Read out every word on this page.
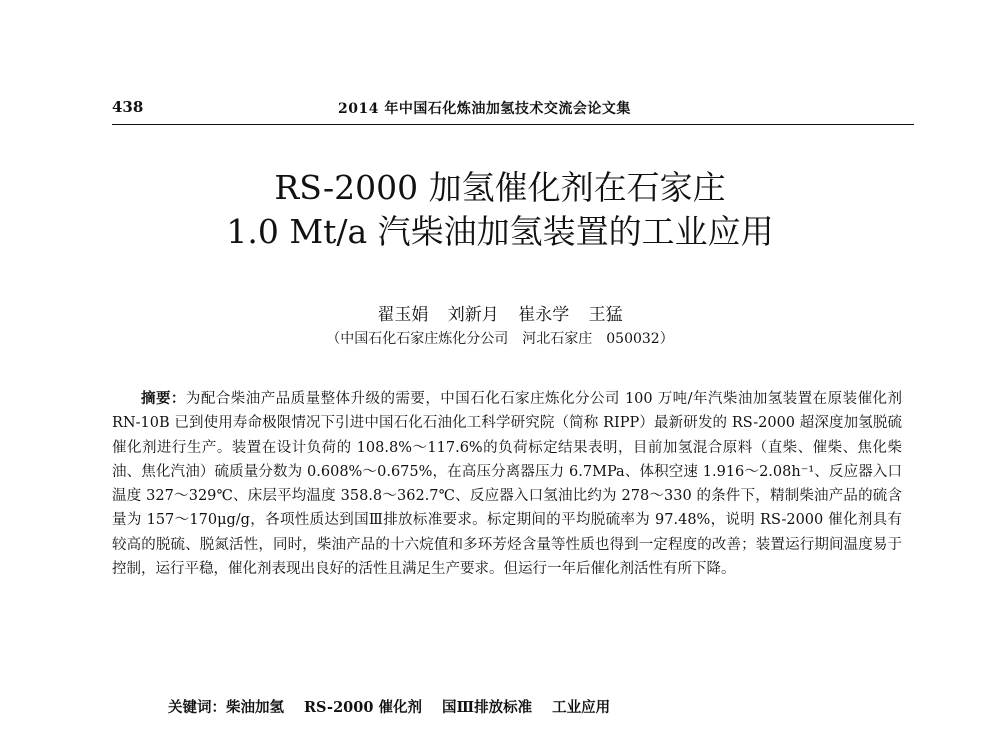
438	2014 年中国石化炼油加氢技术交流会论文集
RS-2000 加氢催化剂在石家庄
1.0 Mt/a 汽柴油加氢装置的工业应用
翟玉娟 刘新月 崔永学 王猛
（中国石化石家庄炼化分公司　河北石家庄　050032）
摘要：为配合柴油产品质量整体升级的需要，中国石化石家庄炼化分公司 100 万吨/年汽柴油加氢装置在原装催化剂 RN-10B 已到使用寿命极限情况下引进中国石化石油化工科学研究院（简称 RIPP）最新研发的 RS-2000 超深度加氢脱硫催化剂进行生产。装置在设计负荷的 108.8%～117.6%的负荷标定结果表明，目前加氢混合原料（直柴、催柴、焦化柴油、焦化汽油）硫质量分数为 0.608%～0.675%，在高压分离器压力 6.7MPa、体积空速 1.916～2.08h⁻¹、反应器入口温度 327～329℃、床层平均温度 358.8～362.7℃、反应器入口氢油比约为 278～330 的条件下，精制柴油产品的硫含量为 157～170μg/g，各项性质达到国Ⅲ排放标准要求。标定期间的平均脱硫率为 97.48%，说明 RS-2000 催化剂具有较高的脱硫、脱氮活性，同时，柴油产品的十六烷值和多环芳烃含量等性质也得到一定程度的改善；装置运行期间温度易于控制，运行平稳，催化剂表现出良好的活性且满足生产要求。但运行一年后催化剂活性有所下降。
关键词：柴油加氢 RS-2000 催化剂 国Ⅲ排放标准 工业应用
